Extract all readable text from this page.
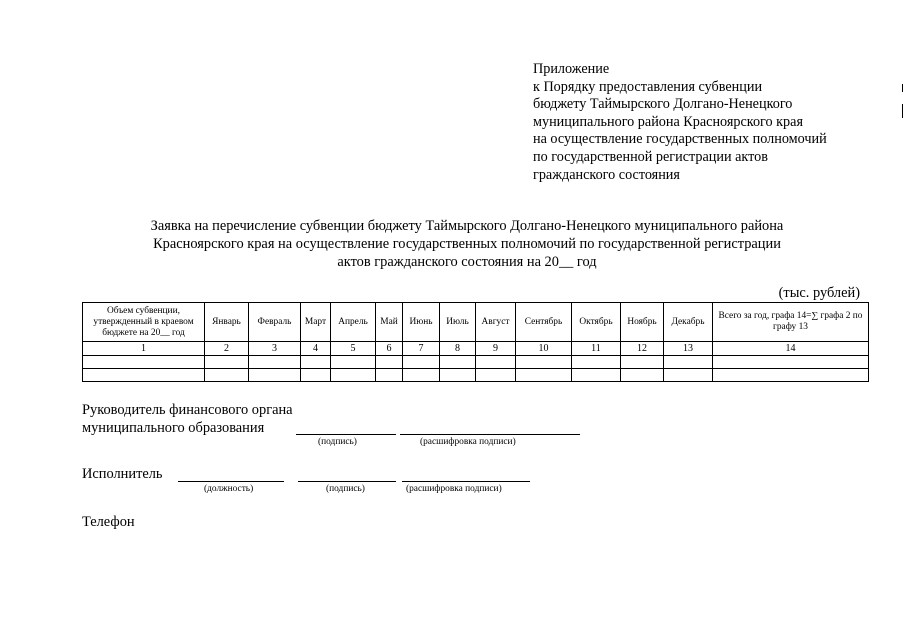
Приложение
к Порядку предоставления субвенции
бюджету Таймырского Долгано-Ненецкого
муниципального района Красноярского края
на осуществление государственных полномочий
по государственной регистрации актов
гражданского состояния
Заявка на перечисление субвенции бюджету Таймырского Долгано-Ненецкого муниципального района
Красноярского края на осуществление государственных полномочий по государственной регистрации
актов гражданского состояния на 20__ год
(тыс. рублей)
Объем субвенции, утвержденный в краевом бюджете на 20__ год	Январь	Февраль	Март	Апрель	Май	Июнь	Июль	Август	Сентябрь	Октябрь	Ноябрь	Декабрь	Всего за год, графа 14=∑ графа 2 по графу 13
1	2	3	4	5	6	7	8	9	10	11	12	13	14

Руководитель финансового органа
муниципального образования
(подпись)	(расшифровка подписи)
Исполнитель
(должность)	(подпись)	(расшифровка подписи)
Телефон
